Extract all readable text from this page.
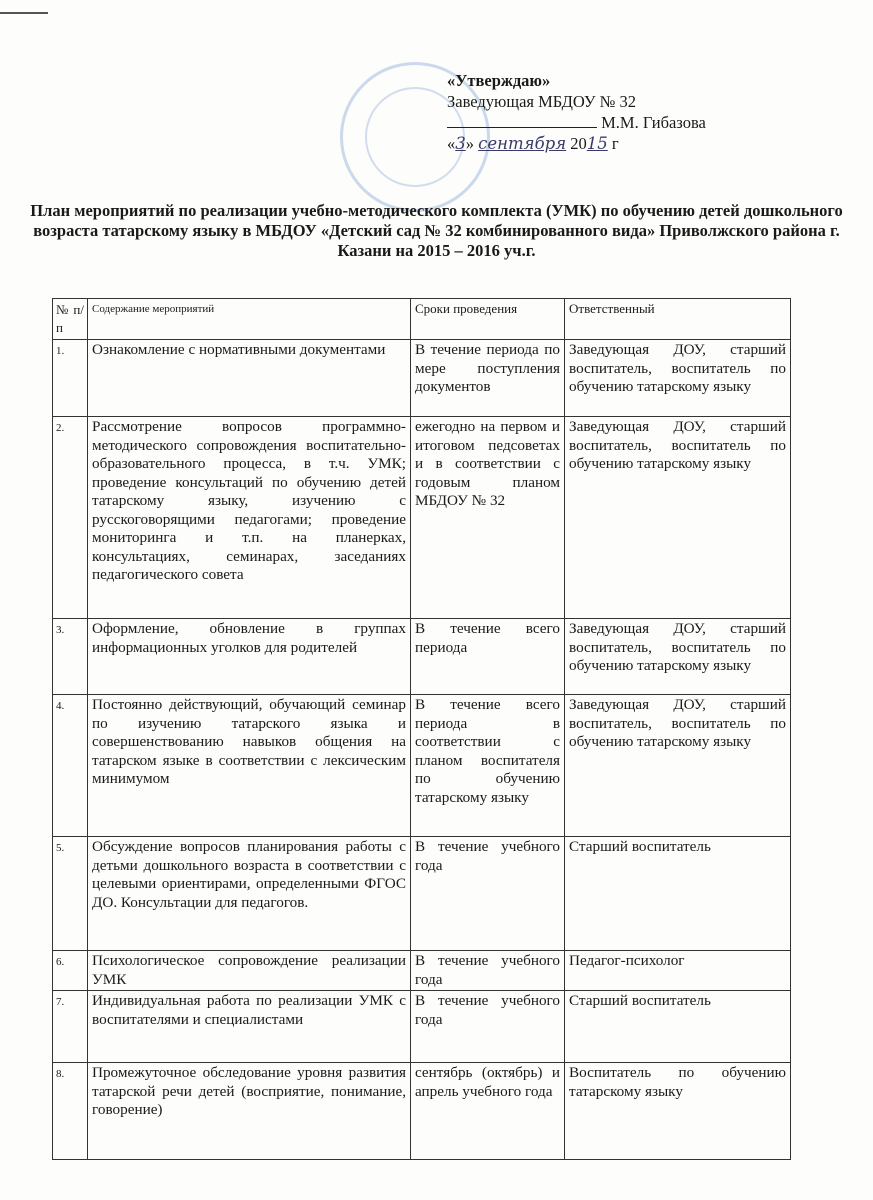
«Утверждаю»
Заведующая МБДОУ № 32
М.М. Гибазова
«3» сентября 2015 г
План мероприятий по реализации учебно-методического комплекта (УМК) по обучению детей дошкольного возраста татарскому языку в МБДОУ «Детский сад № 32 комбинированного вида» Приволжского района г. Казани на 2015 – 2016 уч.г.
№ п/п	Содержание мероприятий	Сроки проведения	Ответственный
1.	Ознакомление с нормативными документами	В течение периода по мере поступления документов	Заведующая ДОУ, старший воспитатель, воспитатель по обучению татарскому языку
2.	Рассмотрение вопросов программно-методического сопровождения воспитательно-образовательного процесса, в т.ч. УМК; проведение консультаций по обучению детей татарскому языку, изучению с русскоговорящими педагогами; проведение мониторинга и т.п. на планерках, консультациях, семинарах, заседаниях педагогического совета	ежегодно на первом и итоговом педсоветах и в соответствии с годовым планом МБДОУ № 32	Заведующая ДОУ, старший воспитатель, воспитатель по обучению татарскому языку
3.	Оформление, обновление в группах информационных уголков для родителей	В течение всего периода	Заведующая ДОУ, старший воспитатель, воспитатель по обучению татарскому языку
4.	Постоянно действующий, обучающий семинар по изучению татарского языка и совершенствованию навыков общения на татарском языке в соответствии с лексическим минимумом	В течение всего периода в соответствии с планом воспитателя по обучению татарскому языку	Заведующая ДОУ, старший воспитатель, воспитатель по обучению татарскому языку
5.	Обсуждение вопросов планирования работы с детьми дошкольного возраста в соответствии с целевыми ориентирами, определенными ФГОС ДО. Консультации для педагогов.	В течение учебного года	Старший воспитатель
6.	Психологическое сопровождение реализации УМК	В течение учебного года	Педагог-психолог
7.	Индивидуальная работа по реализации УМК с воспитателями и специалистами	В течение учебного года	Старший воспитатель
8.	Промежуточное обследование уровня развития татарской речи детей (восприятие, понимание, говорение)	сентябрь (октябрь) и апрель учебного года	Воспитатель по обучению татарскому языку
